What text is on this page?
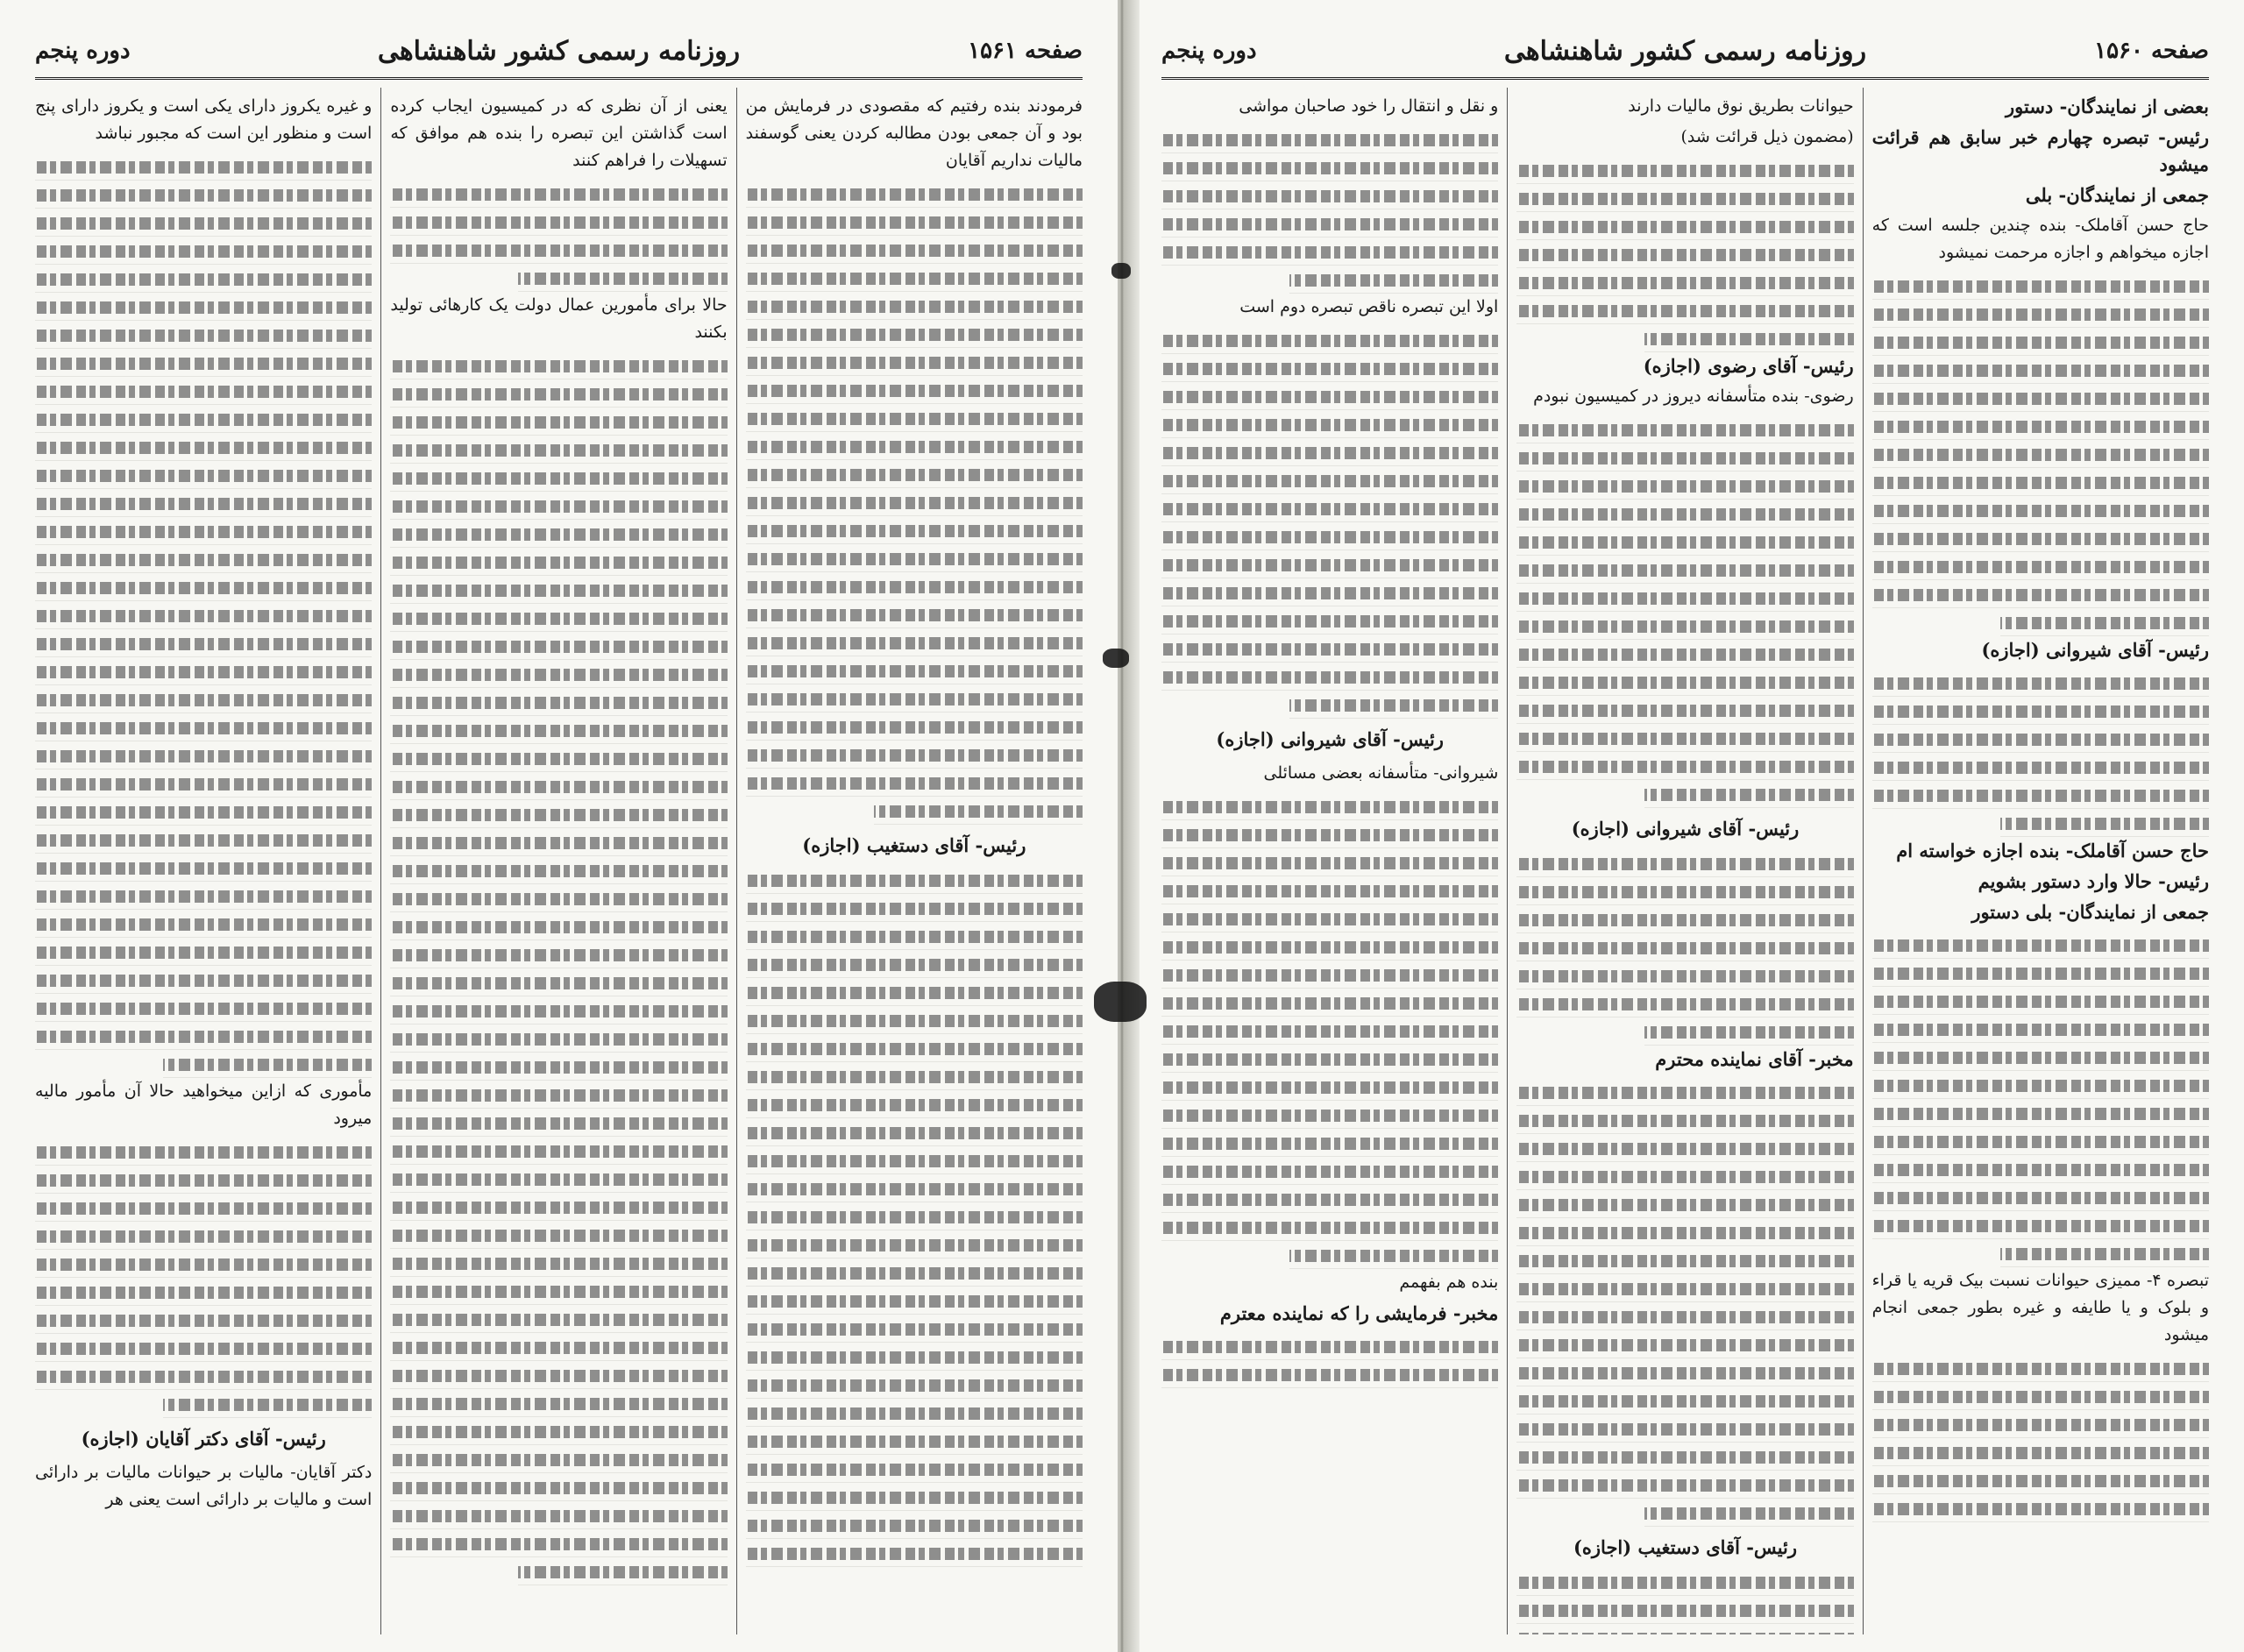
صفحه ۱۵۶۰
روزنامه رسمی کشور شاهنشاهی
دوره پنجم

بعضی از نمایندگان- دستور

رئیس- تبصره چهارم خبر سابق هم قرائت میشود

جمعی از نمایندگان- بلی

حاج حسن آقاملک- بنده چندین جلسه است که اجازه میخواهم و اجازه مرحمت نمیشود

رئیس- آقای شیروانی (اجازه)

حاج حسن آقاملک- بنده اجازه خواسته ام

رئیس- حالا وارد دستور بشویم

جمعی از نمایندگان- بلی دستور

تبصره ۴- ممیزی حیوانات نسبت بیک قریه یا قراء و بلوک و یا طایفه و غیره بطور جمعی انجام میشود

حیوانات بطریق نوق مالیات دارند

(مضمون ذیل قرائت شد)

رئیس- آقای رضوی (اجازه)

رضوی- بنده متأسفانه دیروز در کمیسیون نبودم

رئیس- آقای شیروانی (اجازه)

مخبر- آقای نماینده محترم

رئیس- آقای دستغیب (اجازه)

و نقل و انتقال را خود صاحبان مواشی

اولا این تبصره ناقص تبصره دوم است

رئیس- آقای شیروانی (اجازه)

شیروانی- متأسفانه بعضی مسائلی

بنده هم بفهمم

مخبر- فرمایشی را که نماینده معترم

صفحه ۱۵۶۱
روزنامه رسمی کشور شاهنشاهی
دوره پنجم

فرمودند بنده رفتیم که مقصودی در فرمایش من بود و آن جمعی بودن مطالبه کردن یعنی گوسفند مالیات نداریم آقایان

رئیس- آقای دستغیب (اجازه)

یعنی از آن نظری که در کمیسیون ایجاب کرده است گذاشتن این تبصره را بنده هم موافق که تسهیلات را فراهم کنند

حالا برای مأمورین عمال دولت یک کارهائی تولید بکنند

و غیره یکروز دارای یکی است و یکروز دارای پنج است و منظور این است که مجبور نباشد

مأموری که ازاین میخواهید حالا آن مأمور مالیه میرود

رئیس- آقای دکتر آقایان (اجازه)

دکتر آقایان- مالیات بر حیوانات مالیات بر دارائی است و مالیات بر دارائی است یعنی هر
